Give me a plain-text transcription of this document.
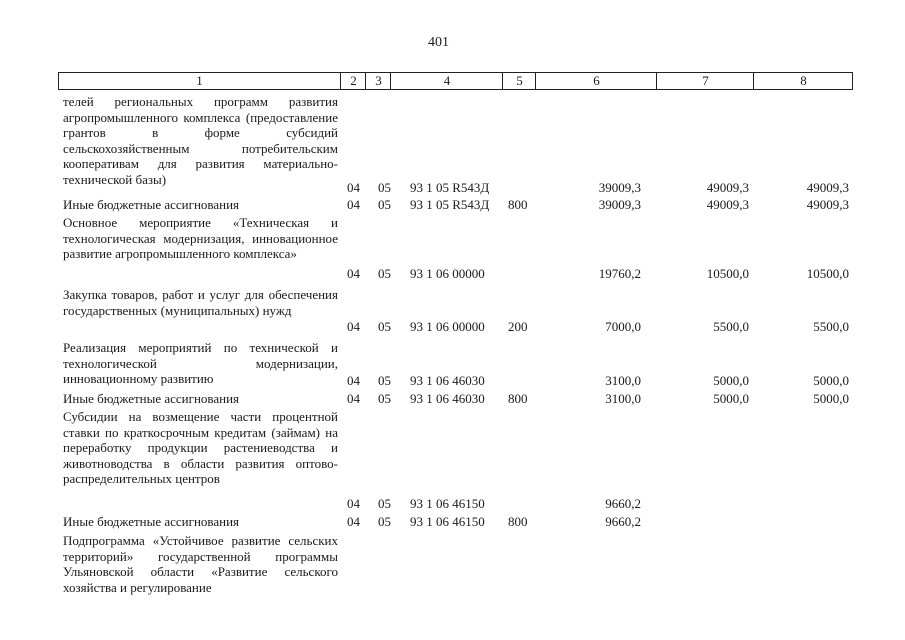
401
1	2	3	4	5	6	7	8
телей региональных программ развития агропромышленного комплекса (предоставление грантов в форме субсидий сельскохозяйственным потребительским кооперативам для развития материально-технической базы)
04 05 93 1 05 R543Д	39009,3	49009,3	49009,3
Иные бюджетные ассигнования	04 05 93 1 05 R543Д 800	39009,3	49009,3	49009,3
Основное мероприятие «Техническая и технологическая модернизация, инновационное развитие агропромышленного комплекса»
04 05 93 1 06 00000	19760,2	10500,0	10500,0
Закупка товаров, работ и услуг для обеспечения государственных (муниципальных) нужд
04 05 93 1 06 00000 200	7000,0	5500,0	5500,0
Реализация мероприятий по технической и технологической модернизации, инновационному развитию	04 05 93 1 06 46030	3100,0	5000,0	5000,0
Иные бюджетные ассигнования	04 05 93 1 06 46030 800	3100,0	5000,0	5000,0
Субсидии на возмещение части процентной ставки по краткосрочным кредитам (займам) на переработку продукции растениеводства и животноводства в области развития оптово-распределительных центров
04 05 93 1 06 46150	9660,2
Иные бюджетные ассигнования	04 05 93 1 06 46150 800	9660,2
Подпрограмма «Устойчивое развитие сельских территорий» государственной программы Ульяновской области «Развитие сельского хозяйства и регулирование
